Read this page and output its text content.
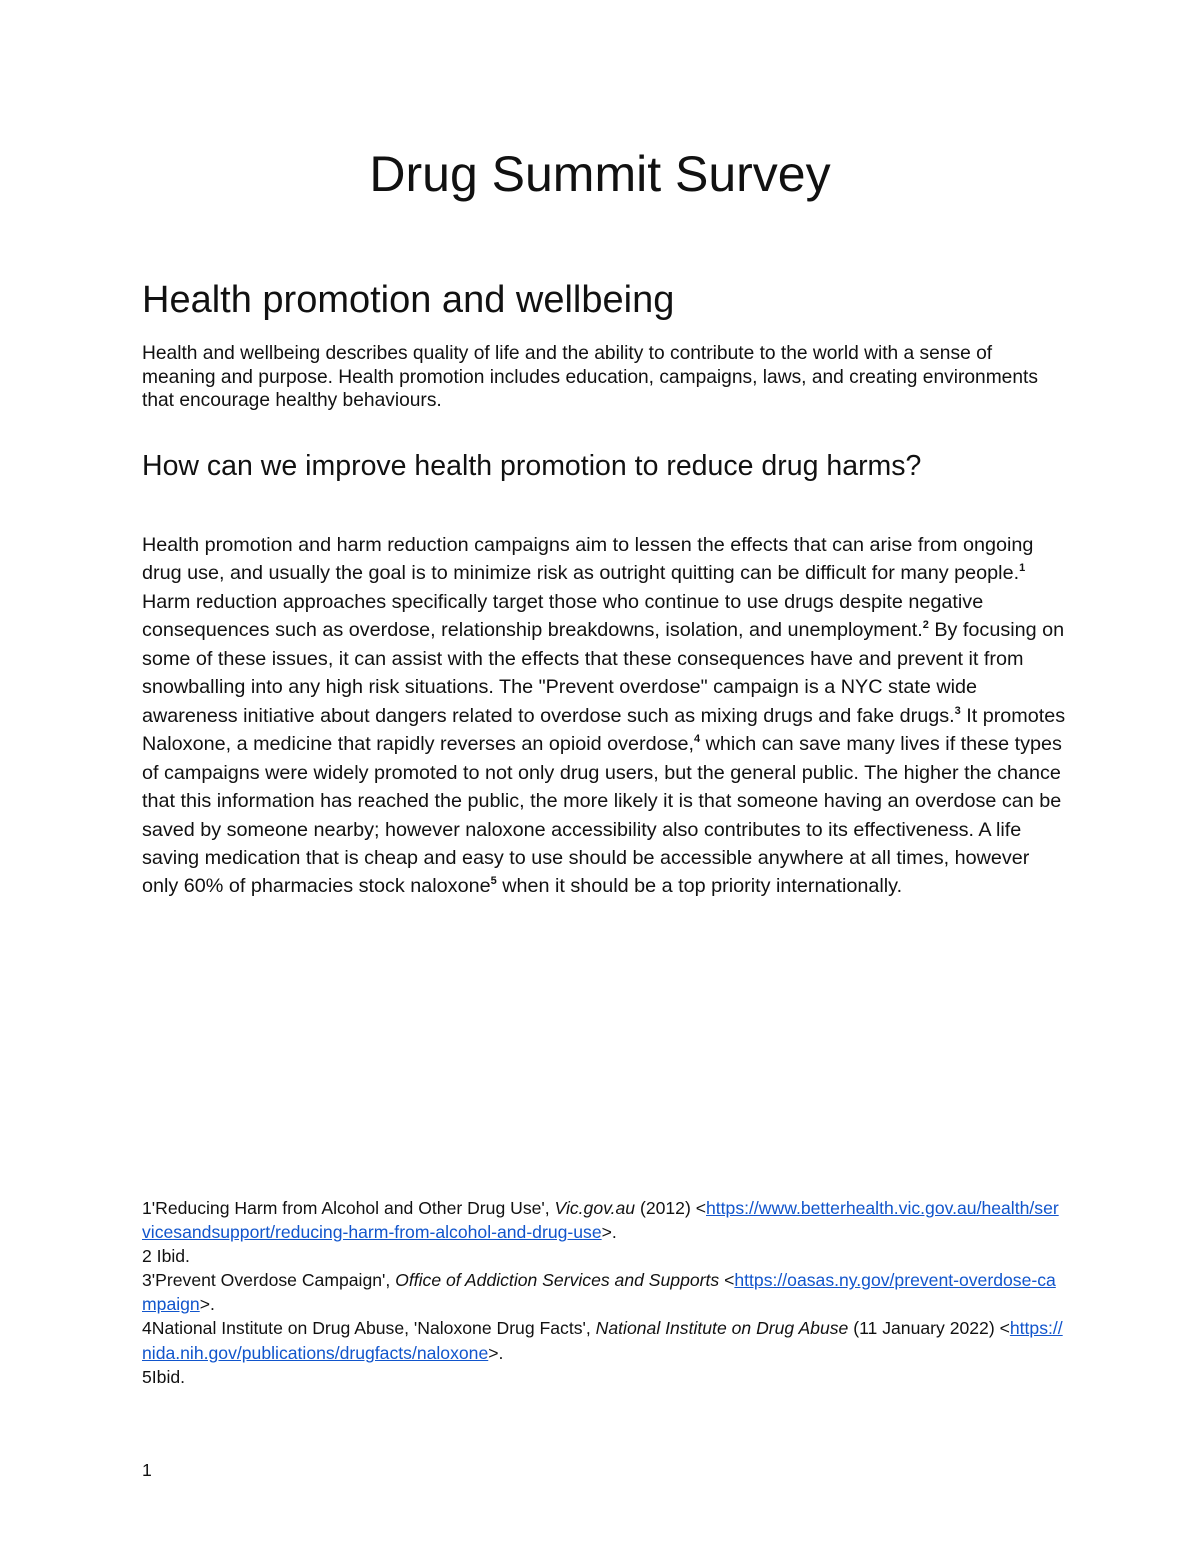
Drug Summit Survey
Health promotion and wellbeing

Health and wellbeing describes quality of life and the ability to contribute to the world with a sense of meaning and purpose. Health promotion includes education, campaigns, laws, and creating environments that encourage healthy behaviours.

How can we improve health promotion to reduce drug harms?

Health promotion and harm reduction campaigns aim to lessen the effects that can arise from ongoing drug use, and usually the goal is to minimize risk as outright quitting can be difficult for many people.$^1$ Harm reduction approaches specifically target those who continue to use drugs despite negative consequences such as overdose, relationship breakdowns, isolation, and unemployment.$^2$ By focusing on some of these issues, it can assist with the effects that these consequences have and prevent it from snowballing into any high risk situations. The "Prevent overdose" campaign is a NYC state wide awareness initiative about dangers related to overdose such as mixing drugs and fake drugs.$^3$ It promotes Naloxone, a medicine that rapidly reverses an opioid overdose,$^4$ which can save many lives if these types of campaigns were widely promoted to not only drug users, but the general public. The higher the chance that this information has reached the public, the more likely it is that someone having an overdose can be saved by someone nearby; however naloxone accessibility also contributes to its effectiveness. A life saving medication that is cheap and easy to use should be accessible anywhere at all times, however only 60% of pharmacies stock naloxone$^5$ when it should be a top priority internationally.

1'Reducing Harm from Alcohol and Other Drug Use', Vic.gov.au (2012) <https://www.betterhealth.vic.gov.au/health/servicesandsupport/reducing-harm-from-alcohol-and-drug-use>.

2 Ibid.

3'Prevent Overdose Campaign', Office of Addiction Services and Supports <https://oasas.ny.gov/prevent-overdose-campaign>.

4National Institute on Drug Abuse, 'Naloxone Drug Facts', National Institute on Drug Abuse (11 January 2022) <https://nida.nih.gov/publications/drugfacts/naloxone>.

5Ibid.

1
